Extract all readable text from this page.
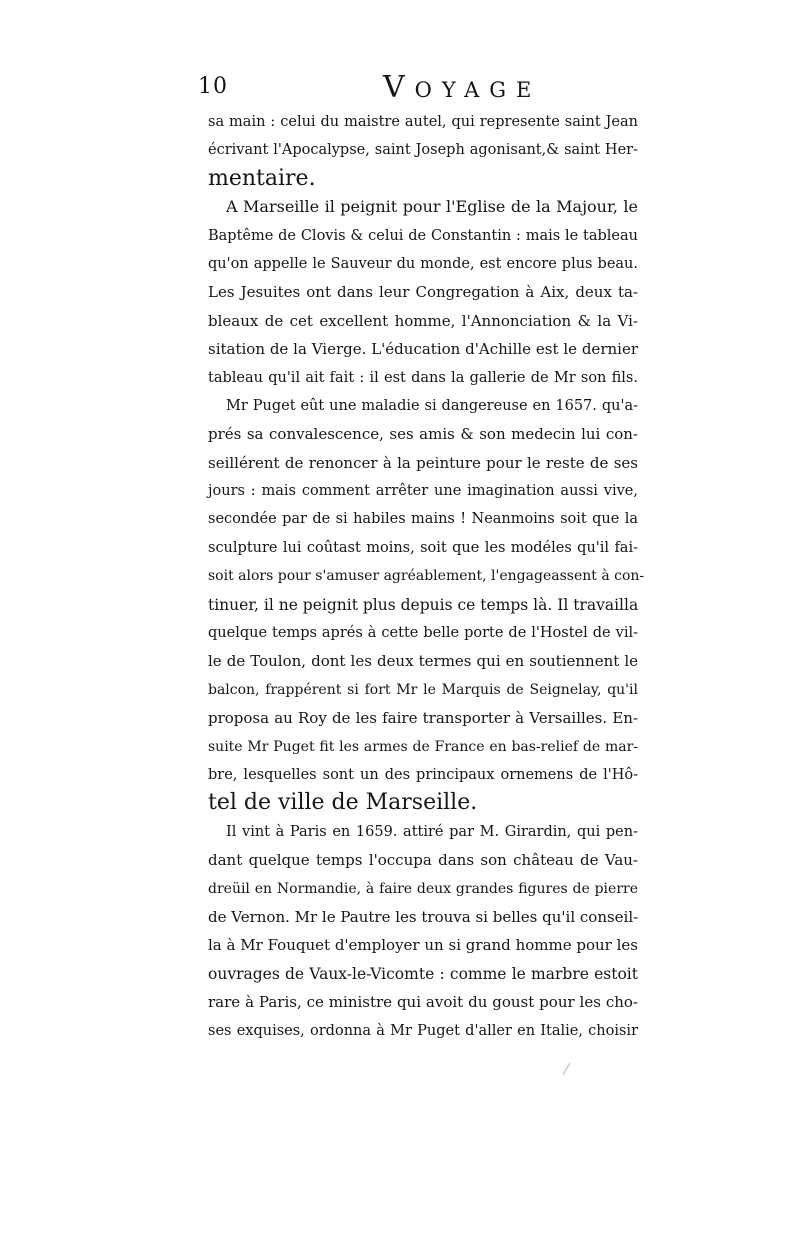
10	Voyage
sa main : celui du maistre autel, qui represente saint Jean
écrivant l'Apocalypse, saint Joseph agonisant,& saint Her-
mentaire.
A Marseille il peignit pour l'Eglise de la Majour, le
Baptême de Clovis & celui de Constantin : mais le tableau
qu'on appelle le Sauveur du monde, est encore plus beau.
Les Jesuites ont dans leur Congregation à Aix, deux ta-
bleaux de cet excellent homme, l'Annonciation & la Vi-
sitation de la Vierge. L'éducation d'Achille est le dernier
tableau qu'il ait fait : il est dans la gallerie de Mr son fils.
Mr Puget eût une maladie si dangereuse en 1657. qu'a-
prés sa convalescence, ses amis & son medecin lui con-
seillérent de renoncer à la peinture pour le reste de ses
jours : mais comment arrêter une imagination aussi vive,
secondée par de si habiles mains ! Neanmoins soit que la
sculpture lui coûtast moins, soit que les modéles qu'il fai-
soit alors pour s'amuser agréablement, l'engageassent à con-
tinuer, il ne peignit plus depuis ce temps là. Il travailla
quelque temps aprés à cette belle porte de l'Hostel de vil-
le de Toulon, dont les deux termes qui en soutiennent le
balcon, frappérent si fort Mr le Marquis de Seignelay, qu'il
proposa au Roy de les faire transporter à Versailles. En-
suite Mr Puget fit les armes de France en bas-relief de mar-
bre, lesquelles sont un des principaux ornemens de l'Hô-
tel de ville de Marseille.
Il vint à Paris en 1659. attiré par M. Girardin, qui pen-
dant quelque temps l'occupa dans son château de Vau-
dreüil en Normandie, à faire deux grandes figures de pierre
de Vernon. Mr le Pautre les trouva si belles qu'il conseil-
la à Mr Fouquet d'employer un si grand homme pour les
ouvrages de Vaux-le-Vicomte : comme le marbre estoit
rare à Paris, ce ministre qui avoit du goust pour les cho-
ses exquises, ordonna à Mr Puget d'aller en Italie, choisir
